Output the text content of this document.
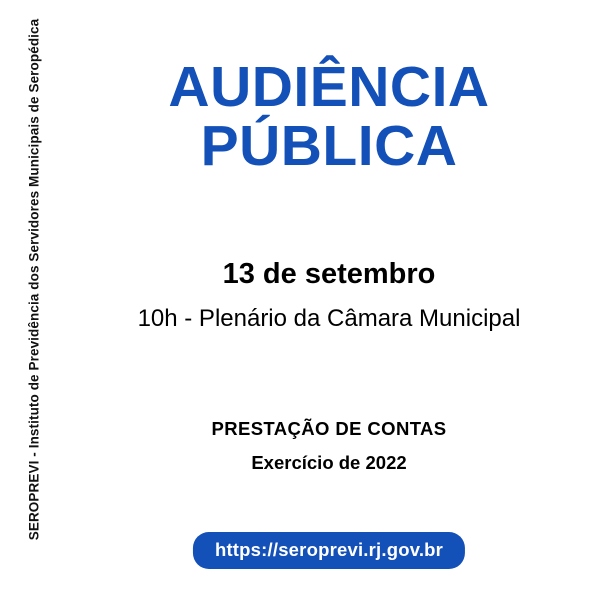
SEROPREVI - Instituto de Previdência dos Servidores Municipais de Seropédica	AUDIÊNCIA
PÚBLICA
13 de setembro
10h - Plenário da Câmara Municipal
PRESTAÇÃO DE CONTAS
Exercício de 2022
https://seroprevi.rj.gov.br
